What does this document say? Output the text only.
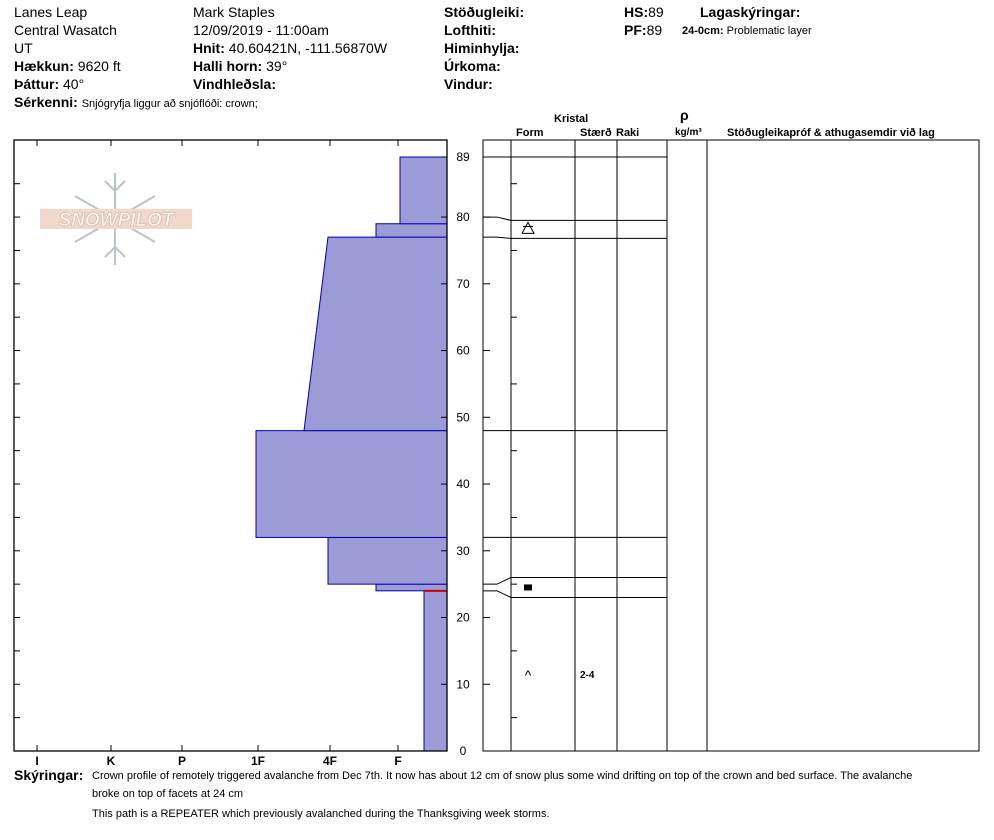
Lanes Leap
Central Wasatch
UT
Hækkun: 9620 ft
Þáttur: 40°
Sérkenni: Snjógryfja liggur að snjóflóði: crown;
Mark Staples
12/09/2019 - 11:00am
Hnit: 40.60421N, -111.56870W
Halli horn: 39°
Vindhleðsla:
Stöðugleiki:
Lofthiti:
Himinhylja:
Úrkoma:
Vindur:
HS:89
PF:89
Lagaskýringar:
24-0cm: Problematic layer
Kristal
Form	Stærð Raki
ρ
kg/m³ Stöðugleikapróf & athugasemdir við lag
SNOWPILOT
I	K	P	1F	4F	F
0
10
20
30
40
50
60
70
80
89
^	2-4
Skýringar: Crown profile of remotely triggered avalanche from Dec 7th. It now has about 12 cm of snow plus some wind drifting on top of the crown and bed surface. The avalanche
broke on top of facets at 24 cm
This path is a REPEATER which previously avalanched during the Thanksgiving week storms.
